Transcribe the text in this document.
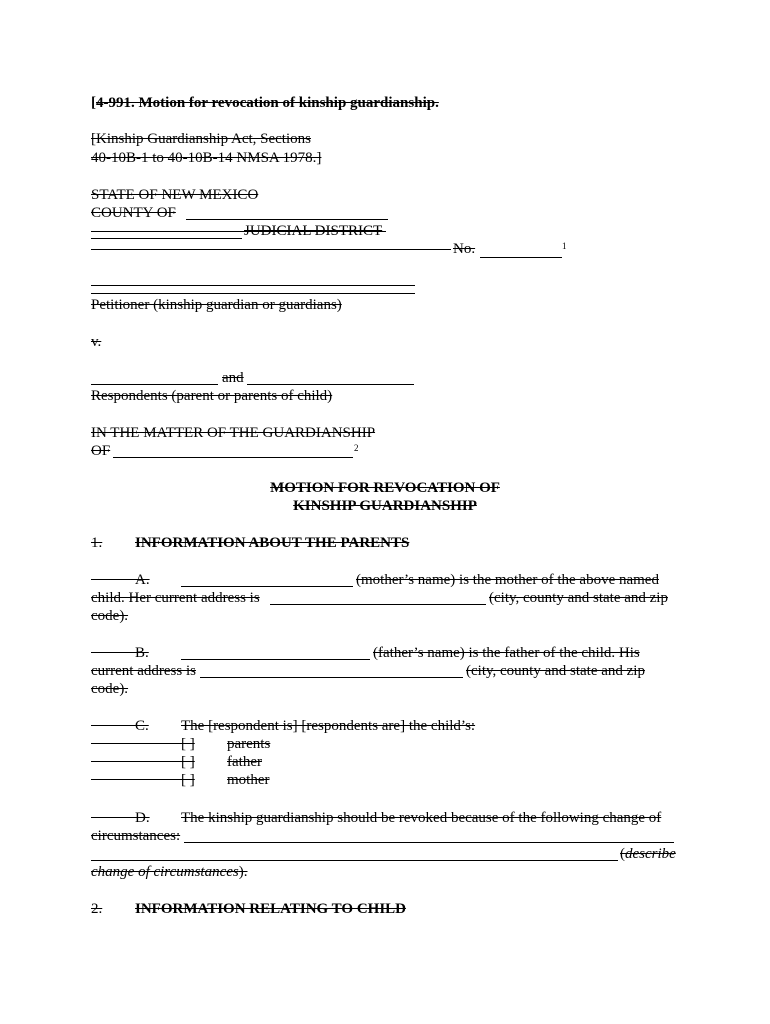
[4-991. Motion for revocation of kinship guardianship.
[Kinship Guardianship Act, Sections
40-10B-1 to 40-10B-14 NMSA 1978.]
STATE OF NEW MEXICO
COUNTY OF
JUDICIAL DISTRICT
No.	1
Petitioner (kinship guardian or guardians)
v.
and
Respondents (parent or parents of child)
IN THE MATTER OF THE GUARDIANSHIP
OF	2
MOTION FOR REVOCATION OF
KINSHIP GUARDIANSHIP
1. INFORMATION ABOUT THE PARENTS
A.	(mother’s name) is the mother of the above named
child. Her current address is	(city, county and state and zip
code).
B.	(father’s name) is the father of the child. His
current address is	(city, county and state and zip
code).
C. The [respondent is] [respondents are] the child’s:
[ ] parents
[ ] father
[ ] mother
D. The kinship guardianship should be revoked because of the following change of
circumstances:
(describe
change of circumstances).
2. INFORMATION RELATING TO CHILD
